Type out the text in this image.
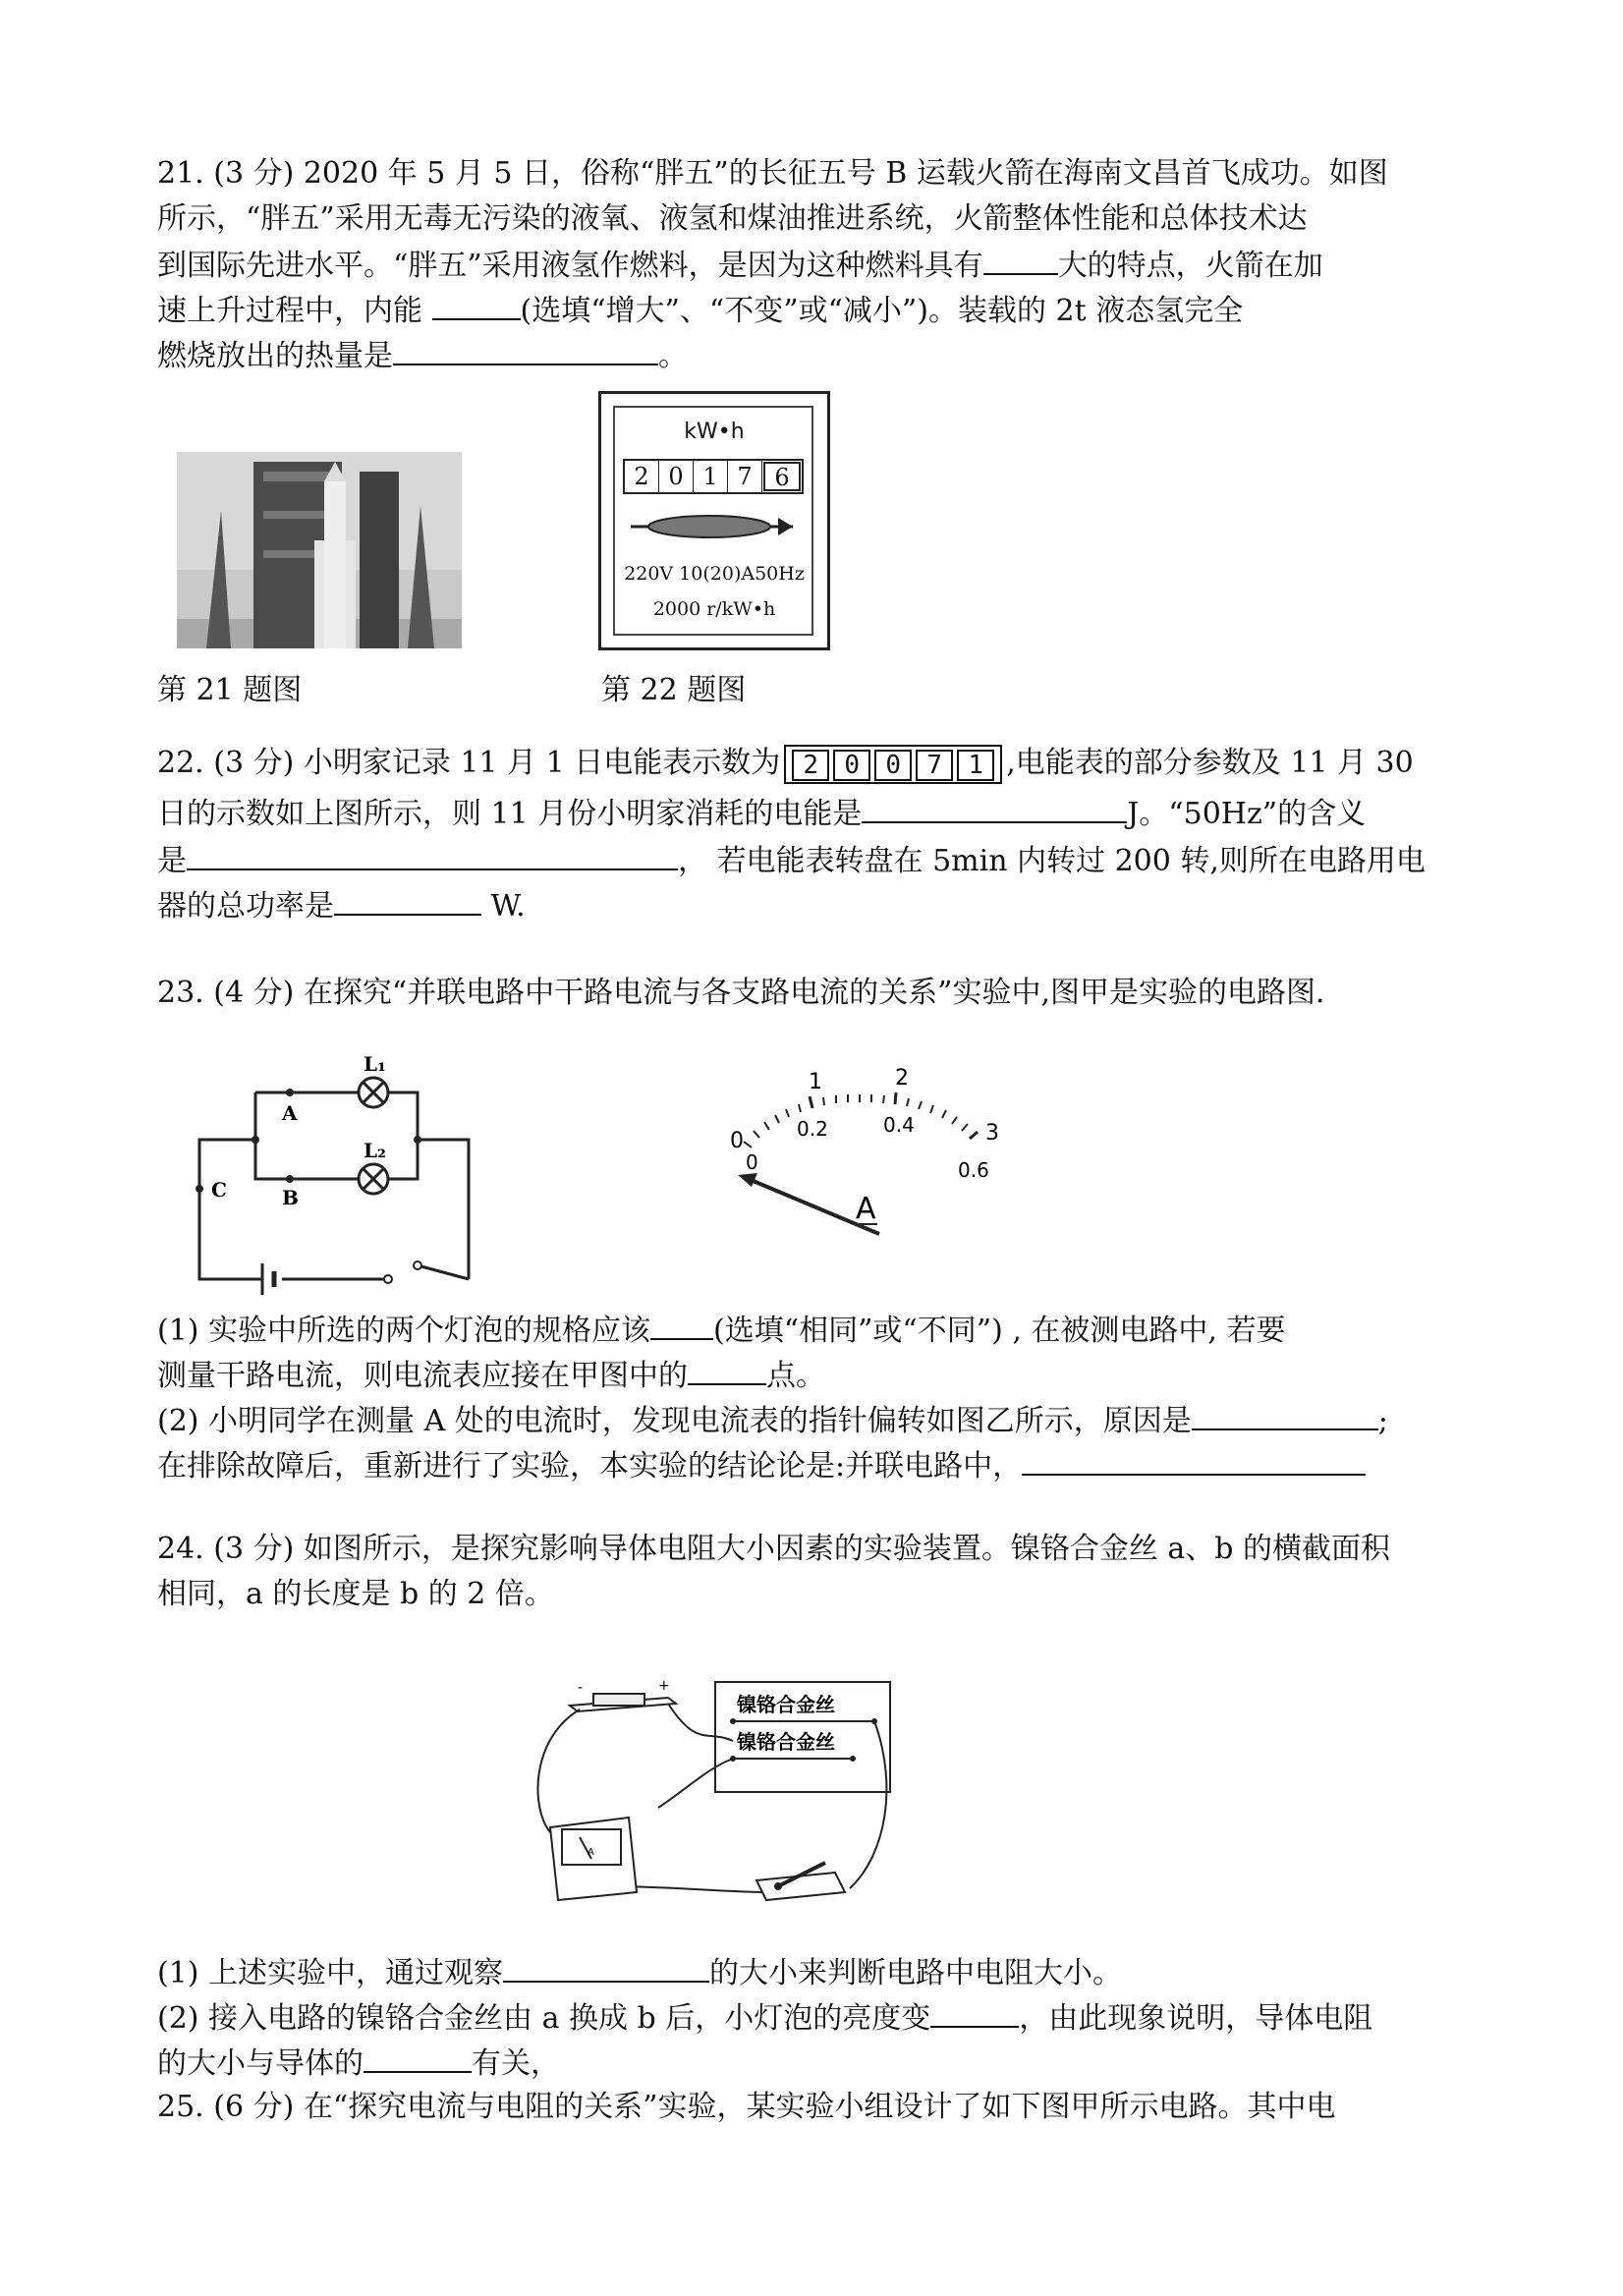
21. (3 分) 2020 年 5 月 5 日，俗称“胖五”的长征五号 B 运载火箭在海南文昌首飞成功。如图
所示，“胖五”采用无毒无污染的液氧、液氢和煤油推进系统，火箭整体性能和总体技术达
到国际先进水平。“胖五”采用液氢作燃料，是因为这种燃料具有	大的特点，火箭在加
速上升过程中，内能	(选填“增大”、“不变”或“减小”)。装载的 2t 液态氢完全
燃烧放出的热量是	。
kW•h
2 0 1 7 6
220V 10(20)A50Hz
2000 r/kW•h
第 21 题图	第 22 题图
22. (3 分) 小明家记录 11 月 1 日电能表示数为 2 0 0 7 1 ,电能表的部分参数及 11 月 30
日的示数如上图所示，则 11 月份小明家消耗的电能是	J。“50Hz”的含义
是	， 若电能表转盘在 5min 内转过 200 转,则所在电路用电
器的总功率是	W.
23. (4 分) 在探究“并联电路中干路电流与各支路电流的关系”实验中,图甲是实验的电路图.
L₁
L₂
A
B
C
0
1	2
3
0
0.2	0.4
0.6
A
(1) 实验中所选的两个灯泡的规格应该 (选填“相同”或“不同”) , 在被测电路中, 若要
测量干路电流，则电流表应接在甲图中的	点。
(2) 小明同学在测量 A 处的电流时，发现电流表的指针偏转如图乙所示，原因是	;
在排除故障后，重新进行了实验，本实验的结论论是:并联电路中，
24. (3 分) 如图所示，是探究影响导体电阻大小因素的实验装置。镍铬合金丝 a、b 的横截面积
相同，a 的长度是 b 的 2 倍。
镍铬合金丝
镍铬合金丝
-	+
A
(1) 上述实验中，通过观察	的大小来判断电路中电阻大小。
(2) 接入电路的镍铬合金丝由 a 换成 b 后，小灯泡的亮度变	，由此现象说明，导体电阻
的大小与导体的	有关，
25. (6 分) 在“探究电流与电阻的关系”实验，某实验小组设计了如下图甲所示电路。其中电
